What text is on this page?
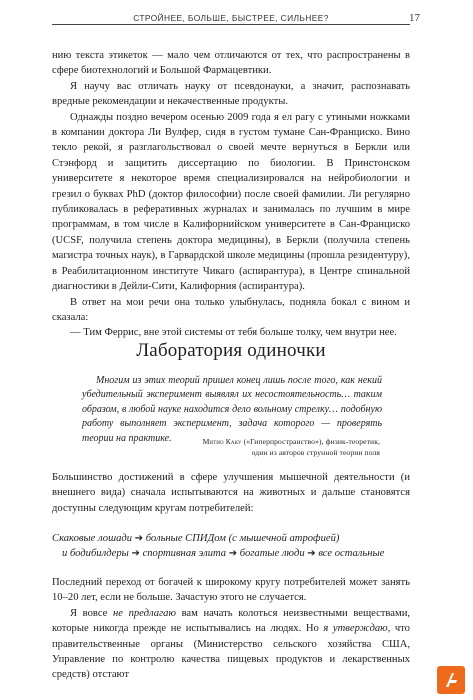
СТРОЙНЕЕ, БОЛЬШЕ, БЫСТРЕЕ, СИЛЬНЕЕ?	17

нию текста этикеток — мало чем отличаются от тех, что распространены в сфере биотехнологий и Большой Фармацевтики.

Я научу вас отличать науку от псевдонауки, а значит, распознавать вредные рекомендации и некачественные продукты.

Однажды поздно вечером осенью 2009 года я ел рагу с утиными ножками в компании доктора Ли Вулфер, сидя в густом тумане Сан-Франциско. Вино текло рекой, я разглагольствовал о своей мечте вернуться в Беркли или Стэнфорд и защитить диссертацию по биологии. В Принстонском университете я некоторое время специализировался на нейробиологии и грезил о буквах PhD (доктор философии) после своей фамилии. Ли регулярно публиковалась в реферативных журналах и занималась по лучшим в мире программам, в том числе в Калифорнийском университете в Сан-Франциско (UCSF, получила степень доктора медицины), в Беркли (получила степень магистра точных наук), в Гарвардской школе медицины (прошла резидентуру), в Реабилитационном институте Чикаго (аспирантура), в Центре спинальной диагностики в Дейли-Сити, Калифорния (аспирантура).

В ответ на мои речи она только улыбнулась, подняла бокал с вином и сказала:

— Тим Феррис, вне этой системы от тебя больше толку, чем внутри нее.

Лаборатория одиночки

Многим из этих теорий пришел конец лишь после того, как некий убедительный эксперимент выявлял их несостоятельность… таким образом, в любой науке находится дело вольному стрелку… подобную работу выполняет эксперимент, задача которого — проверять теории на практике.	Митио Каку («Гиперпространство»), физик-теоретик,
один из авторов струнной теории поля

Большинство достижений в сфере улучшения мышечной деятельности (и внешнего вида) сначала испытываются на животных и дальше становятся доступны следующим кругам потребителей:

Скаковые лошади ➔ больные СПИДом (с мышечной атрофией)
и бодибилдеры ➔ спортивная элита ➔ богатые люди ➔ все остальные

Последний переход от богачей к широкому кругу потребителей может занять 10–20 лет, если не больше. Зачастую этого не случается.

Я вовсе не предлагаю вам начать колоться неизвестными веществами, которые никогда прежде не испытывались на людях. Но я утверждаю, что правительственные органы (Министерство сельского хозяйства США, Управление по контролю качества пищевых продуктов и лекарственных средств) отстают
